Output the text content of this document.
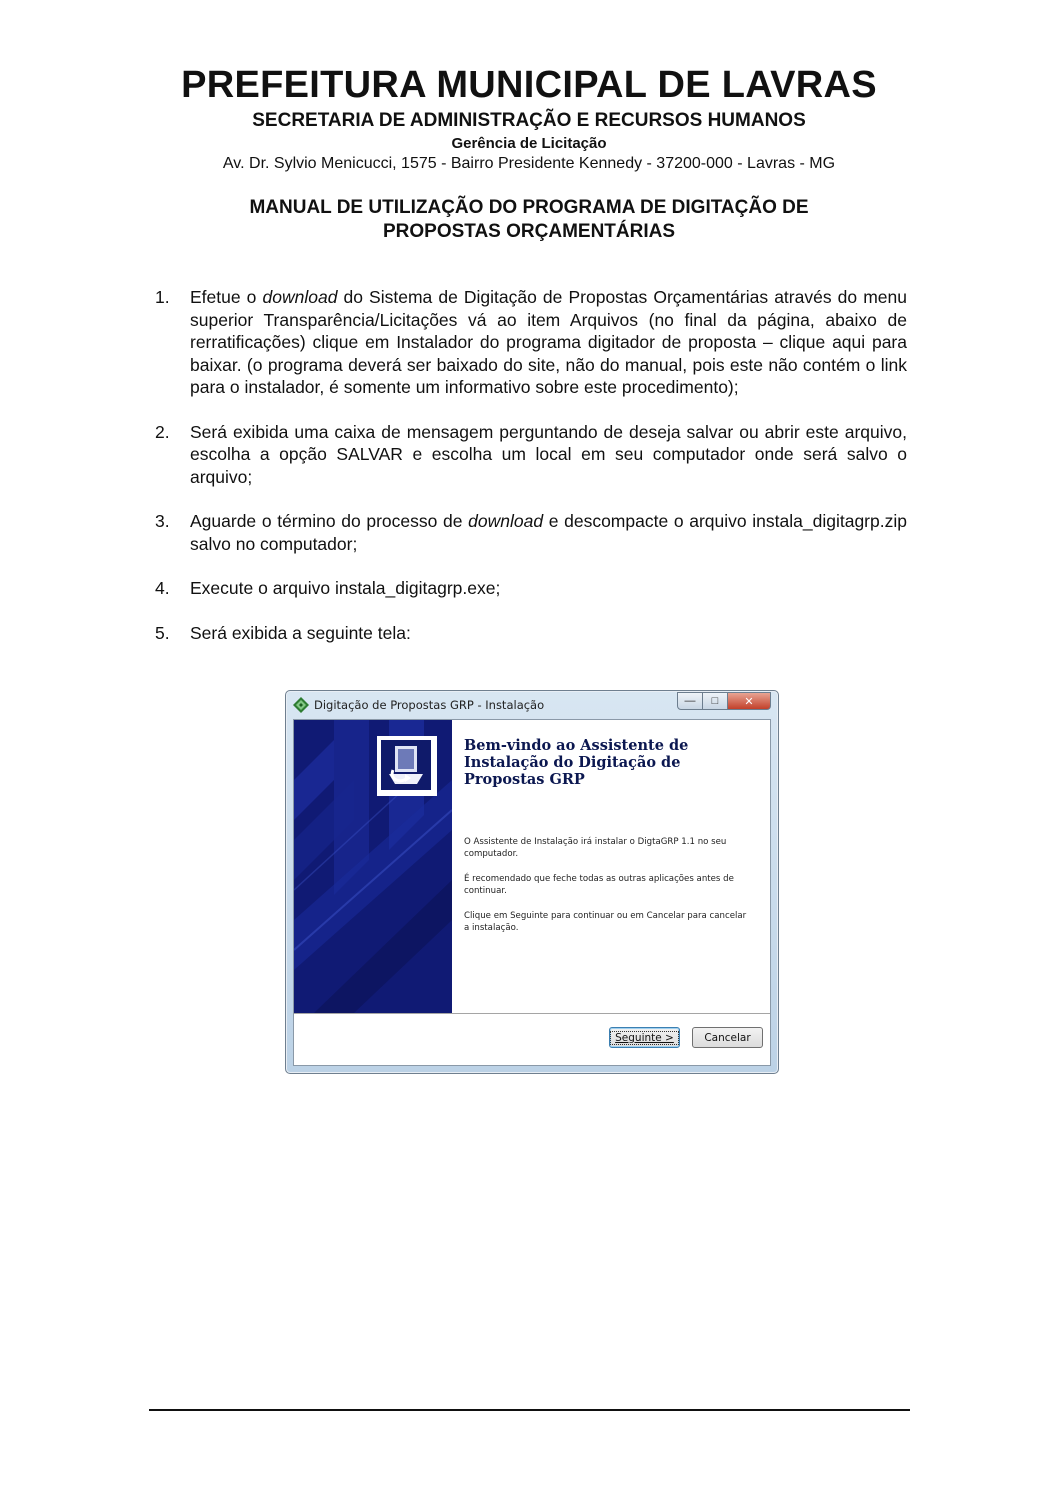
PREFEITURA MUNICIPAL DE LAVRAS
SECRETARIA DE ADMINISTRAÇÃO E RECURSOS HUMANOS
Gerência de Licitação
Av. Dr. Sylvio Menicucci, 1575 - Bairro Presidente Kennedy - 37200-000 - Lavras - MG
MANUAL DE UTILIZAÇÃO DO PROGRAMA DE DIGITAÇÃO DE
PROPOSTAS ORÇAMENTÁRIAS
1. Efetue o download do Sistema de Digitação de Propostas Orçamentárias através do menu superior Transparência/Licitações vá ao item Arquivos (no final da página, abaixo de rerratificações) clique em Instalador do programa digitador de proposta – clique aqui para baixar. (o programa deverá ser baixado do site, não do manual, pois este não contém o link para o instalador, é somente um informativo sobre este procedimento);
2. Será exibida uma caixa de mensagem perguntando de deseja salvar ou abrir este arquivo, escolha a opção SALVAR e escolha um local em seu computador onde será salvo o arquivo;
3. Aguarde o término do processo de download e descompacte o arquivo instala_digitagrp.zip salvo no computador;
4. Execute o arquivo instala_digitagrp.exe;
5. Será exibida a seguinte tela:
Digitação de Propostas GRP - Instalação	—	□	✕
Bem-vindo ao Assistente de Instalação do Digitação de Propostas GRP
O Assistente de Instalação irá instalar o DigtaGRP 1.1 no seu computador.
É recomendado que feche todas as outras aplicações antes de continuar.
Clique em Seguinte para continuar ou em Cancelar para cancelar a instalação.
Seguinte >	Cancelar
